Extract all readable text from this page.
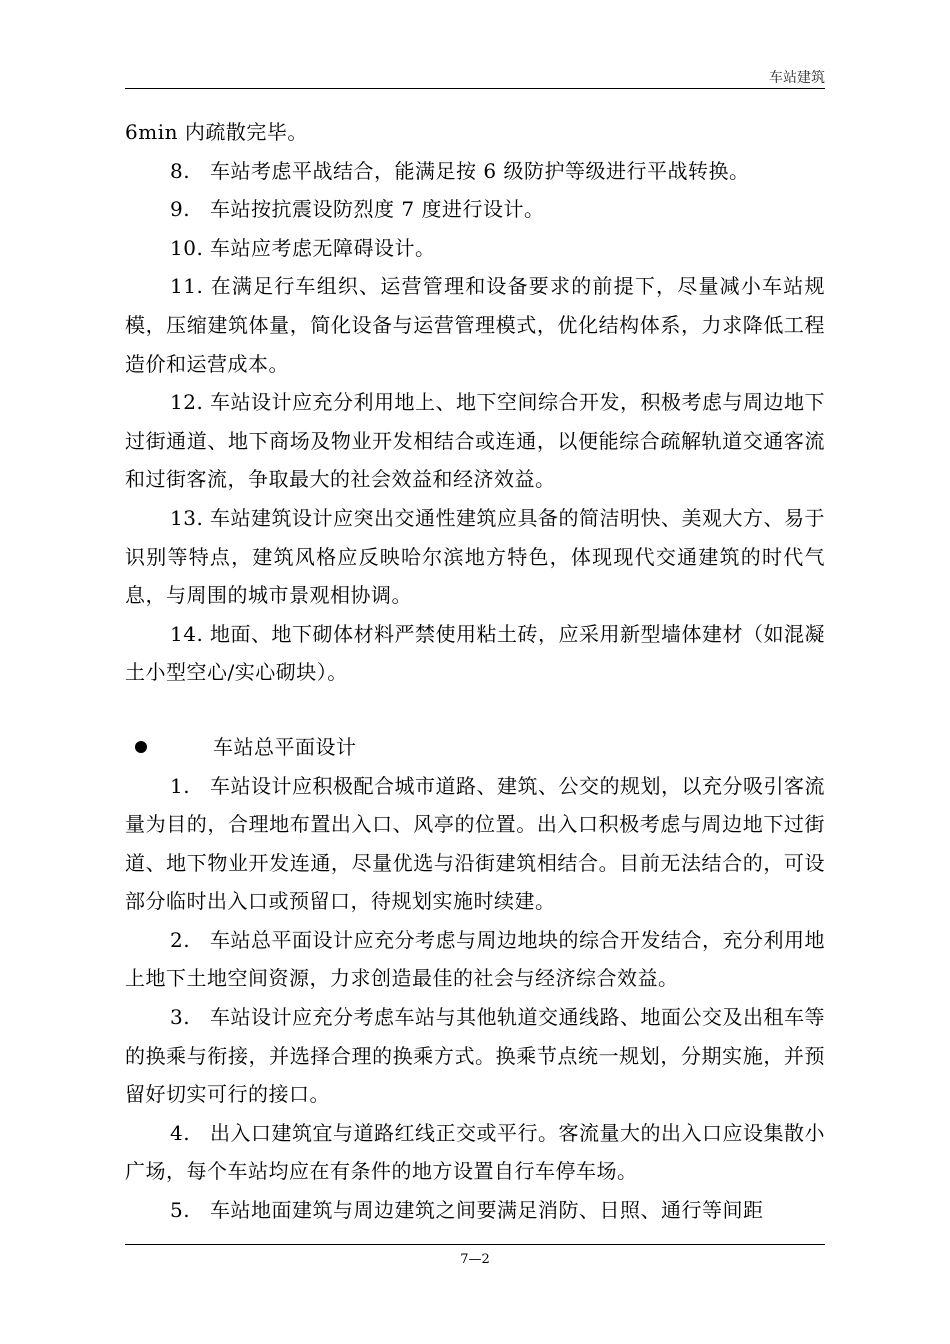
车站建筑

6min 内疏散完毕。

8. 车站考虑平战结合，能满足按 6 级防护等级进行平战转换。

9. 车站按抗震设防烈度 7 度进行设计。

10. 车站应考虑无障碍设计。

11. 在满足行车组织、运营管理和设备要求的前提下，尽量减小车站规模，压缩建筑体量，简化设备与运营管理模式，优化结构体系，力求降低工程造价和运营成本。

12. 车站设计应充分利用地上、地下空间综合开发，积极考虑与周边地下过街通道、地下商场及物业开发相结合或连通，以便能综合疏解轨道交通客流和过街客流，争取最大的社会效益和经济效益。

13. 车站建筑设计应突出交通性建筑应具备的简洁明快、美观大方、易于识别等特点，建筑风格应反映哈尔滨地方特色，体现现代交通建筑的时代气息，与周围的城市景观相协调。

14. 地面、地下砌体材料严禁使用粘土砖，应采用新型墙体建材（如混凝土小型空心/实心砌块）。

车站总平面设计

1. 车站设计应积极配合城市道路、建筑、公交的规划，以充分吸引客流量为目的，合理地布置出入口、风亭的位置。出入口积极考虑与周边地下过街道、地下物业开发连通，尽量优选与沿街建筑相结合。目前无法结合的，可设部分临时出入口或预留口，待规划实施时续建。

2. 车站总平面设计应充分考虑与周边地块的综合开发结合，充分利用地上地下土地空间资源，力求创造最佳的社会与经济综合效益。

3. 车站设计应充分考虑车站与其他轨道交通线路、地面公交及出租车等的换乘与衔接，并选择合理的换乘方式。换乘节点统一规划，分期实施，并预留好切实可行的接口。

4. 出入口建筑宜与道路红线正交或平行。客流量大的出入口应设集散小广场，每个车站均应在有条件的地方设置自行车停车场。

5. 车站地面建筑与周边建筑之间要满足消防、日照、通行等间距

7—2
